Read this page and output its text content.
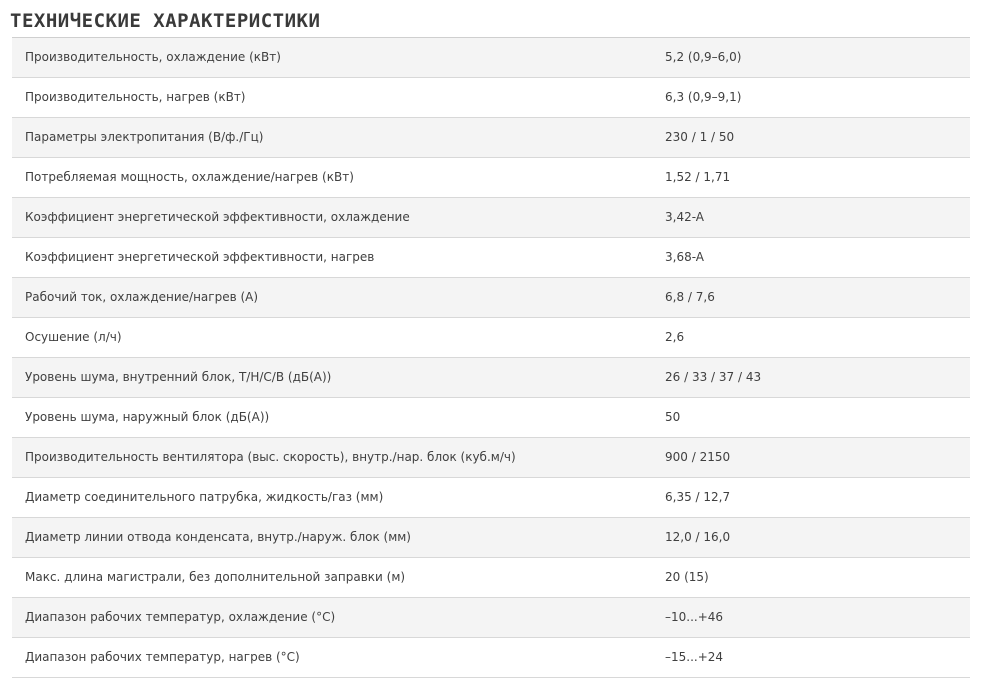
ТЕХНИЧЕСКИЕ ХАРАКТЕРИСТИКИ
Производительность, охлаждение (кВт)	5,2 (0,9–6,0)
Производительность, нагрев (кВт)	6,3 (0,9–9,1)
Параметры электропитания (В/ф./Гц)	230 / 1 / 50
Потребляемая мощность, охлаждение/нагрев (кВт)	1,52 / 1,71
Коэффициент энергетической эффективности, охлаждение	3,42-A
Коэффициент энергетической эффективности, нагрев	3,68-A
Рабочий ток, охлаждение/нагрев (А)	6,8 / 7,6
Осушение (л/ч)	2,6
Уровень шума, внутренний блок, Т/Н/С/В (дБ(А))	26 / 33 / 37 / 43
Уровень шума, наружный блок (дБ(А))	50
Производительность вентилятора (выс. скорость), внутр./нар. блок (куб.м/ч)	900 / 2150
Диаметр соединительного патрубка, жидкость/газ (мм)	6,35 / 12,7
Диаметр линии отвода конденсата, внутр./наруж. блок (мм)	12,0 / 16,0
Макс. длина магистрали, без дополнительной заправки (м)	20 (15)
Диапазон рабочих температур, охлаждение (°С)	–10...+46
Диапазон рабочих температур, нагрев (°С)	–15...+24
